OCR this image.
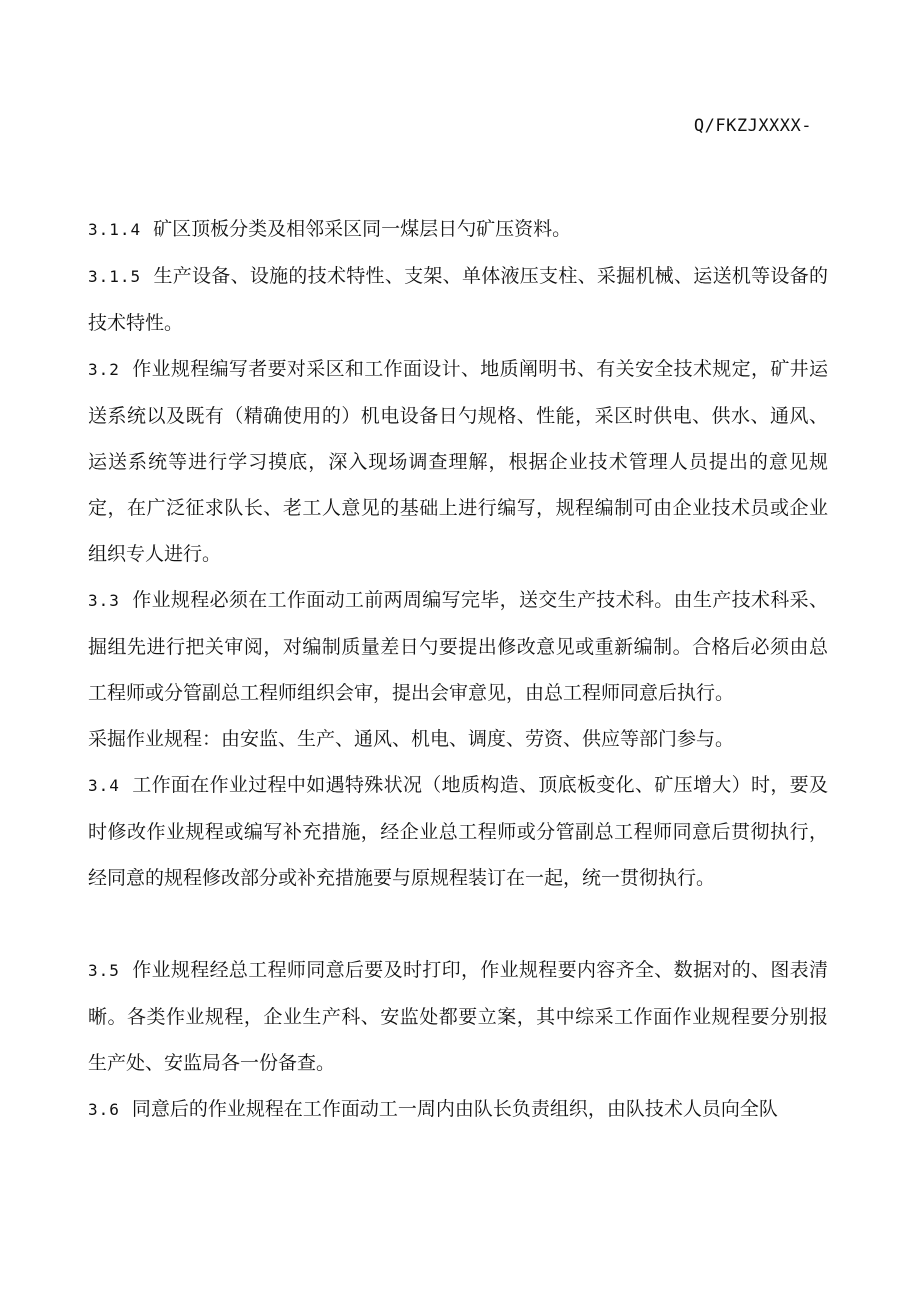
Q/FKZJXXXX-

3.1.4 矿区顶板分类及相邻采区同一煤层日勺矿压资料。

3.1.5 生产设备、设施的技术特性、支架、单体液压支柱、采掘机械、运送机等设备的技术特性。

3.2 作业规程编写者要对采区和工作面设计、地质阐明书、有关安全技术规定，矿井运送系统以及既有（精确使用的）机电设备日勺规格、性能，采区时供电、供水、通风、运送系统等进行学习摸底，深入现场调查理解，根据企业技术管理人员提出的意见规定，在广泛征求队长、老工人意见的基础上进行编写，规程编制可由企业技术员或企业组织专人进行。

3.3 作业规程必须在工作面动工前两周编写完毕，送交生产技术科。由生产技术科采、掘组先进行把关审阅，对编制质量差日勺要提出修改意见或重新编制。合格后必须由总工程师或分管副总工程师组织会审，提出会审意见，由总工程师同意后执行。

采掘作业规程：由安监、生产、通风、机电、调度、劳资、供应等部门参与。

3.4 工作面在作业过程中如遇特殊状况（地质构造、顶底板变化、矿压增大）时，要及时修改作业规程或编写补充措施，经企业总工程师或分管副总工程师同意后贯彻执行，经同意的规程修改部分或补充措施要与原规程装订在一起，统一贯彻执行。

3.5 作业规程经总工程师同意后要及时打印，作业规程要内容齐全、数据对的、图表清晰。各类作业规程，企业生产科、安监处都要立案，其中综采工作面作业规程要分别报生产处、安监局各一份备查。

3.6 同意后的作业规程在工作面动工一周内由队长负责组织，由队技术人员向全队
